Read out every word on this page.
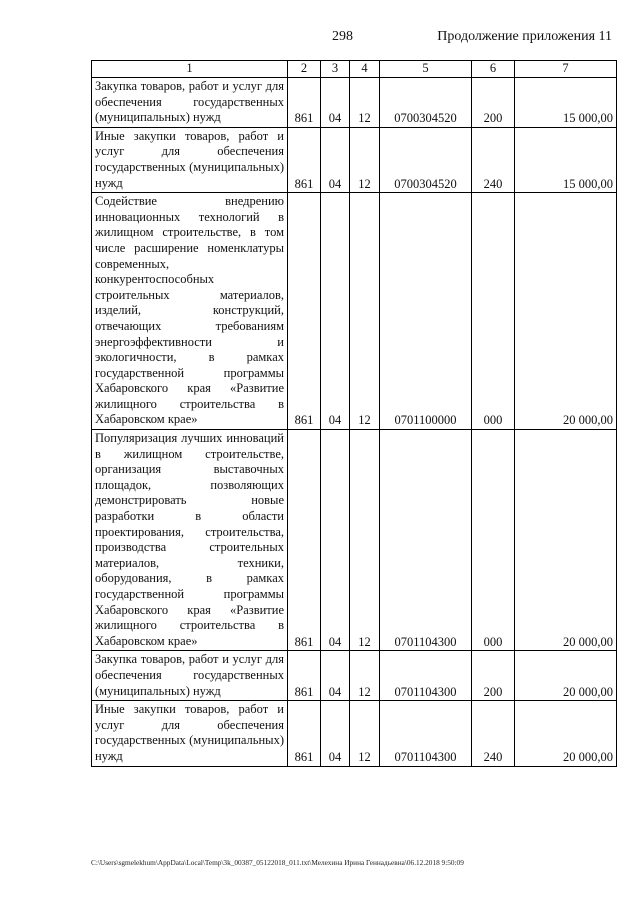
298	Продолжение приложения 11
1	2	3	4	5	6	7
Закупка товаров, работ и услуг для обеспечения государственных (муниципальных) нужд	861	04	12	0700304520	200	15 000,00
Иные закупки товаров, работ и услуг для обеспечения государственных (муниципальных) нужд	861	04	12	0700304520	240	15 000,00
Содействие внедрению инновационных технологий в жилищном строительстве, в том числе расширение номенклатуры современных, конкурентоспособных строительных материалов, изделий, конструкций, отвечающих требованиям энергоэффективности и экологичности, в рамках государственной программы Хабаровского края «Развитие жилищного строительства в Хабаровском крае»	861	04	12	0701100000	000	20 000,00
Популяризация лучших инноваций в жилищном строительстве, организация выставочных площадок, позволяющих демонстрировать новые разработки в области проектирования, строительства, производства строительных материалов, техники, оборудования, в рамках государственной программы Хабаровского края «Развитие жилищного строительства в Хабаровском крае»	861	04	12	0701104300	000	20 000,00
Закупка товаров, работ и услуг для обеспечения государственных (муниципальных) нужд	861	04	12	0701104300	200	20 000,00
Иные закупки товаров, работ и услуг для обеспечения государственных (муниципальных) нужд	861	04	12	0701104300	240	20 000,00
C:\Users\sgmelekhum\AppData\Local\Temp\3k_00387_05122018_011.txt\Мелехина Ирина Геннадьевна\06.12.2018 9:50:09
